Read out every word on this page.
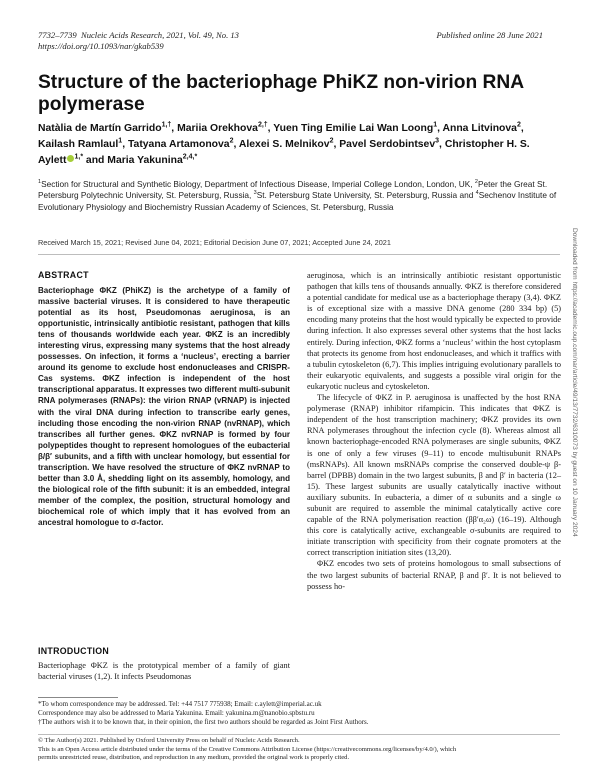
7732–7739 Nucleic Acids Research, 2021, Vol. 49, No. 13
https://doi.org/10.1093/nar/gkab539
Published online 28 June 2021
Structure of the bacteriophage PhiKZ non-virion RNA polymerase
Natàlia de Martín Garrido$^{1,\dagger}$, Mariia Orekhova$^{2,\dagger}$, Yuen Ting Emilie Lai Wan Loong$^1$, Anna Litvinova$^2$, Kailash Ramlaul$^1$, Tatyana Artamonova$^2$, Alexei S. Melnikov$^2$, Pavel Serdobintsev$^3$, Christopher H. S. Aylett $^{1,*}$ and Maria Yakunina$^{2,4,*}$
$^1$Section for Structural and Synthetic Biology, Department of Infectious Disease, Imperial College London, London, UK, $^2$Peter the Great St. Petersburg Polytechnic University, St. Petersburg, Russia, $^3$St. Petersburg State University, St. Petersburg, Russia and $^4$Sechenov Institute of Evolutionary Physiology and Biochemistry Russian Academy of Sciences, St. Petersburg, Russia
Received March 15, 2021; Revised June 04, 2021; Editorial Decision June 07, 2021; Accepted June 24, 2021	Downloaded from https://academic.oup.com/nar/article/49/13/7732/6310073 by guest on 10 January 2024
ABSTRACT
Bacteriophage ΦKZ (PhiKZ) is the archetype of a family of massive bacterial viruses. It is considered to have therapeutic potential as its host, Pseudomonas aeruginosa, is an opportunistic, intrinsically antibiotic resistant, pathogen that kills tens of thousands worldwide each year. ΦKZ is an incredibly interesting virus, expressing many systems that the host already possesses. On infection, it forms a ‘nucleus’, erecting a barrier around its genome to exclude host endonucleases and CRISPR-Cas systems. ΦKZ infection is independent of the host transcriptional apparatus. It expresses two different multi-subunit RNA polymerases (RNAPs): the virion RNAP (vRNAP) is injected with the viral DNA during infection to transcribe early genes, including those encoding the non-virion RNAP (nvRNAP), which transcribes all further genes. ΦKZ nvRNAP is formed by four polypeptides thought to represent homologues of the eubacterial β/β′ subunits, and a fifth with unclear homology, but essential for transcription. We have resolved the structure of ΦKZ nvRNAP to better than 3.0 Å, shedding light on its assembly, homology, and the biological role of the fifth subunit: it is an embedded, integral member of the complex, the position, structural homology and biochemical role of which imply that it has evolved from an ancestral homologue to σ-factor.
INTRODUCTION
Bacteriophage ΦKZ is the prototypical member of a family of giant bacterial viruses (1,2). It infects Pseudomonas

aeruginosa, which is an intrinsically antibiotic resistant opportunistic pathogen that kills tens of thousands annually. ΦKZ is therefore considered a potential candidate for medical use as a bacteriophage therapy (3,4). ΦKZ is of exceptional size with a massive DNA genome (280 334 bp) (5) encoding many proteins that the host would typically be expected to provide during infection. It also expresses several other systems that the host lacks entirely. During infection, ΦKZ forms a ‘nucleus’ within the host cytoplasm that protects its genome from host endonucleases, and which it traffics with a tubulin cytoskeleton (6,7). This implies intriguing evolutionary parallels to their eukaryotic equivalents, and suggests a possible viral origin for the eukaryotic nucleus and cytoskeleton.

The lifecycle of ΦKZ in P. aeruginosa is unaffected by the host RNA polymerase (RNAP) inhibitor rifampicin. This indicates that ΦKZ is independent of the host transcription machinery; ΦKZ provides its own RNA polymerases throughout the infection cycle (8). Whereas almost all known bacteriophage-encoded RNA polymerases are single subunits, ΦKZ is one of only a few viruses (9–11) to encode multisubunit RNAPs (msRNAPs). All known msRNAPs comprise the conserved double-ψ β-barrel (DPBB) domain in the two largest subunits, β and β′ in bacteria (12–15). These largest subunits are usually catalytically inactive without auxiliary subunits. In eubacteria, a dimer of α subunits and a single ω subunit are required to assemble the minimal catalytically active core capable of the RNA polymerisation reaction (ββ′α₂ω) (16–19). Although this core is catalytically active, exchangeable σ-subunits are required to initiate transcription with specificity from their cognate promoters at the correct transcription initiation sites (13,20).

ΦKZ encodes two sets of proteins homologous to small subsections of the two largest subunits of bacterial RNAP, β and β′. It is not believed to possess ho-

*To whom correspondence may be addressed. Tel: +44 7517 775938; Email: c.aylett@imperial.ac.uk
Correspondence may also be addressed to Maria Yakunina. Email: yakunina.m@nanobio.spbstu.ru
†The authors wish it to be known that, in their opinion, the first two authors should be regarded as Joint First Authors.
© The Author(s) 2021. Published by Oxford University Press on behalf of Nucleic Acids Research.
This is an Open Access article distributed under the terms of the Creative Commons Attribution License (https://creativecommons.org/licenses/by/4.0/), which
permits unrestricted reuse, distribution, and reproduction in any medium, provided the original work is properly cited.
